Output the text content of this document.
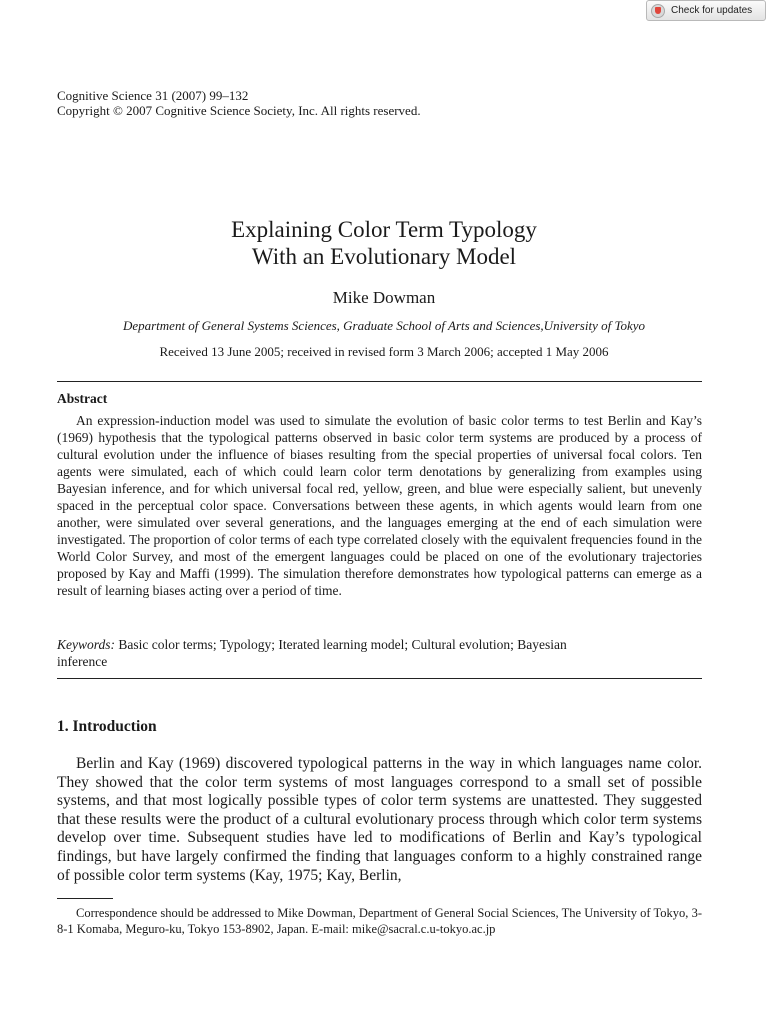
Check for updates
Cognitive Science 31 (2007) 99–132
Copyright © 2007 Cognitive Science Society, Inc. All rights reserved.
Explaining Color Term Typology
With an Evolutionary Model
Mike Dowman
Department of General Systems Sciences, Graduate School of Arts and Sciences,University of Tokyo
Received 13 June 2005; received in revised form 3 March 2006; accepted 1 May 2006
Abstract

An expression-induction model was used to simulate the evolution of basic color terms to test Berlin and Kay’s (1969) hypothesis that the typological patterns observed in basic color term systems are produced by a process of cultural evolution under the influence of biases resulting from the special properties of universal focal colors. Ten agents were simulated, each of which could learn color term denotations by generalizing from examples using Bayesian inference, and for which universal focal red, yellow, green, and blue were especially salient, but unevenly spaced in the perceptual color space. Conversations between these agents, in which agents would learn from one another, were simulated over several generations, and the languages emerging at the end of each simulation were investigated. The proportion of color terms of each type correlated closely with the equivalent frequencies found in the World Color Survey, and most of the emergent languages could be placed on one of the evolutionary trajectories proposed by Kay and Maffi (1999). The simulation therefore demonstrates how typological patterns can emerge as a result of learning biases acting over a period of time.

Keywords: Basic color terms; Typology; Iterated learning model; Cultural evolution; Bayesian inference
1. Introduction

Berlin and Kay (1969) discovered typological patterns in the way in which languages name color. They showed that the color term systems of most languages correspond to a small set of possible systems, and that most logically possible types of color term systems are unattested. They suggested that these results were the product of a cultural evolutionary process through which color term systems develop over time. Subsequent studies have led to modifications of Berlin and Kay’s typological findings, but have largely confirmed the finding that languages conform to a highly constrained range of possible color term systems (Kay, 1975; Kay, Berlin,

Correspondence should be addressed to Mike Dowman, Department of General Social Sciences, The University of Tokyo, 3-8-1 Komaba, Meguro-ku, Tokyo 153-8902, Japan. E-mail: mike@sacral.c.u-tokyo.ac.jp
